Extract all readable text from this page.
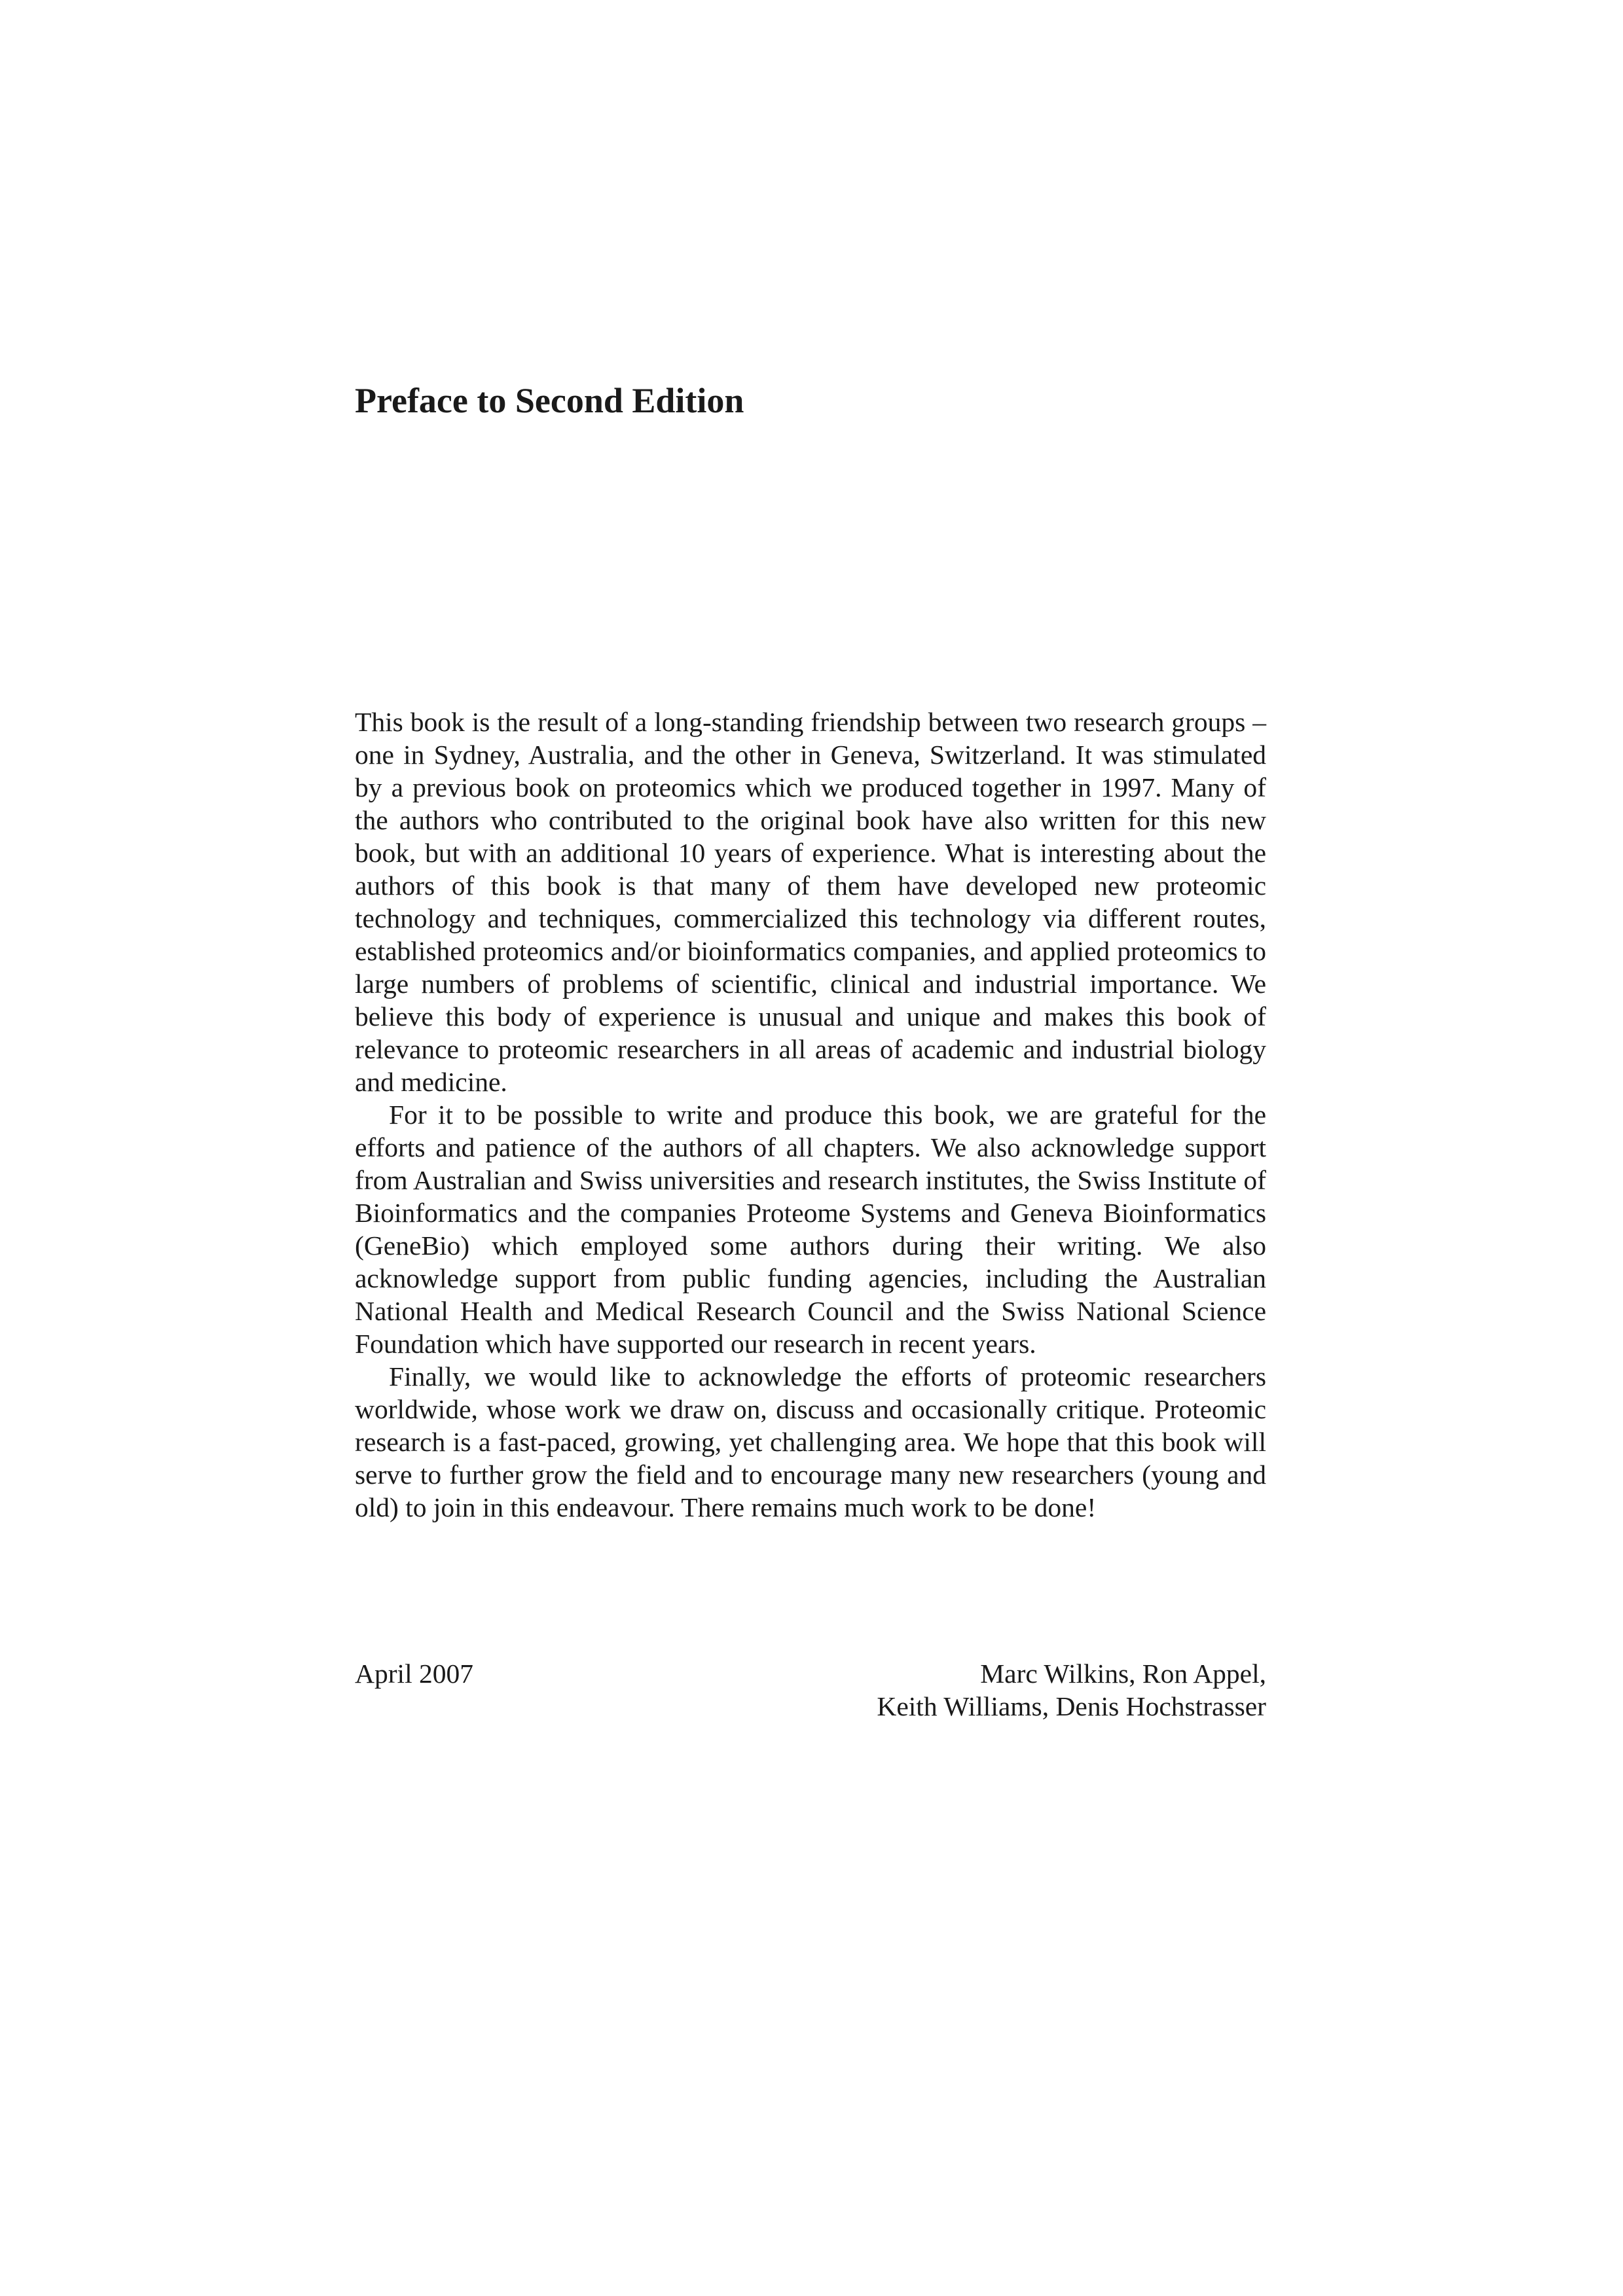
Preface to Second Edition

This book is the result of a long-standing friendship between two research groups – one in Sydney, Australia, and the other in Geneva, Switzerland. It was stimulated by a previous book on proteomics which we produced together in 1997. Many of the authors who contributed to the original book have also written for this new book, but with an additional 10 years of experience. What is interesting about the authors of this book is that many of them have developed new proteomic technology and techniques, commercialized this technology via different routes, established proteomics and/or bioinformatics companies, and applied proteomics to large numbers of problems of scientific, clinical and industrial importance. We believe this body of experience is unusual and unique and makes this book of relevance to proteomic researchers in all areas of academic and industrial biology and medicine.

For it to be possible to write and produce this book, we are grateful for the efforts and patience of the authors of all chapters. We also acknowledge support from Australian and Swiss universities and research institutes, the Swiss Institute of Bioinformatics and the companies Proteome Systems and Geneva Bioinformatics (GeneBio) which employed some authors during their writing. We also acknowledge support from public funding agencies, including the Australian National Health and Medical Research Council and the Swiss National Science Foundation which have supported our research in recent years.

Finally, we would like to acknowledge the efforts of proteomic researchers worldwide, whose work we draw on, discuss and occasionally critique. Proteomic research is a fast-paced, growing, yet challenging area. We hope that this book will serve to further grow the field and to encourage many new researchers (young and old) to join in this endeavour. There remains much work to be done!

April 2007	Marc Wilkins, Ron Appel,
Keith Williams, Denis Hochstrasser
